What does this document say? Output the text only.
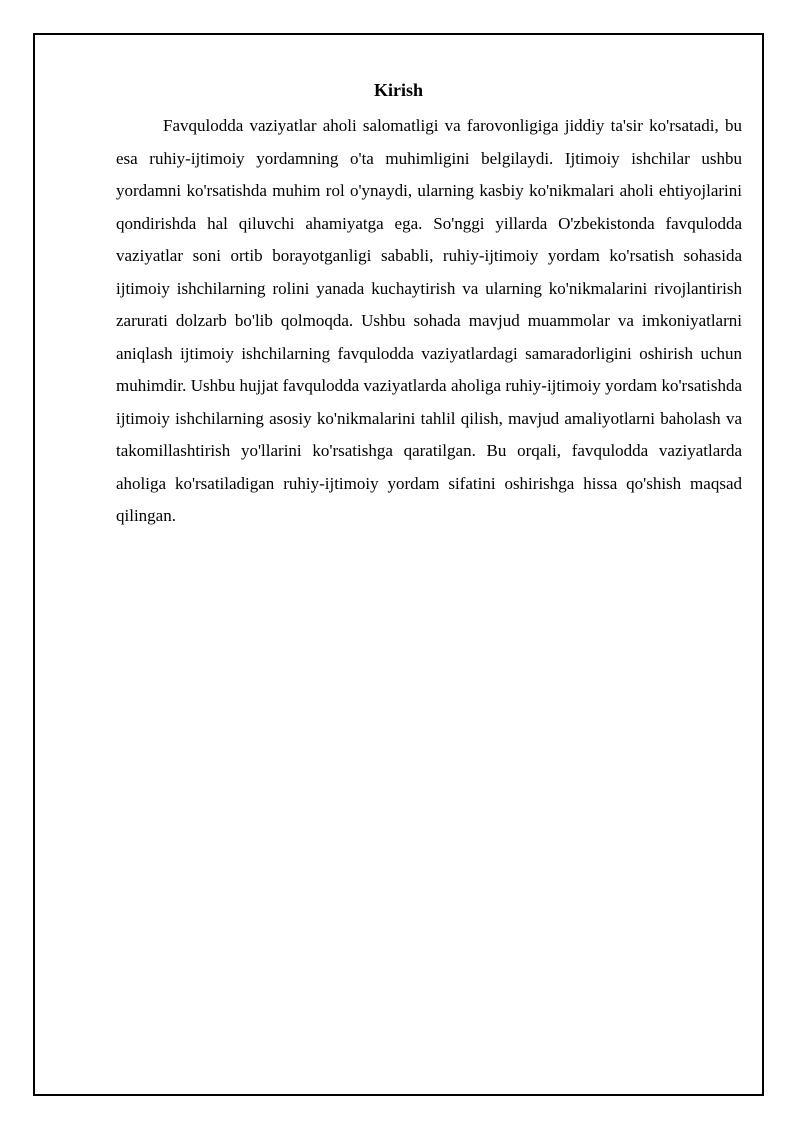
Kirish

Favqulodda vaziyatlar aholi salomatligi va farovonligiga jiddiy ta'sir ko'rsatadi, bu esa ruhiy-ijtimoiy yordamning o'ta muhimligini belgilaydi. Ijtimoiy ishchilar ushbu yordamni ko'rsatishda muhim rol o'ynaydi, ularning kasbiy ko'nikmalari aholi ehtiyojlarini qondirishda hal qiluvchi ahamiyatga ega. So'nggi yillarda O'zbekistonda favqulodda vaziyatlar soni ortib borayotganligi sababli, ruhiy-ijtimoiy yordam ko'rsatish sohasida ijtimoiy ishchilarning rolini yanada kuchaytirish va ularning ko'nikmalarini rivojlantirish zarurati dolzarb bo'lib qolmoqda. Ushbu sohada mavjud muammolar va imkoniyatlarni aniqlash ijtimoiy ishchilarning favqulodda vaziyatlardagi samaradorligini oshirish uchun muhimdir. Ushbu hujjat favqulodda vaziyatlarda aholiga ruhiy-ijtimoiy yordam ko'rsatishda ijtimoiy ishchilarning asosiy ko'nikmalarini tahlil qilish, mavjud amaliyotlarni baholash va takomillashtirish yo'llarini ko'rsatishga qaratilgan. Bu orqali, favqulodda vaziyatlarda aholiga ko'rsatiladigan ruhiy-ijtimoiy yordam sifatini oshirishga hissa qo'shish maqsad qilingan.
